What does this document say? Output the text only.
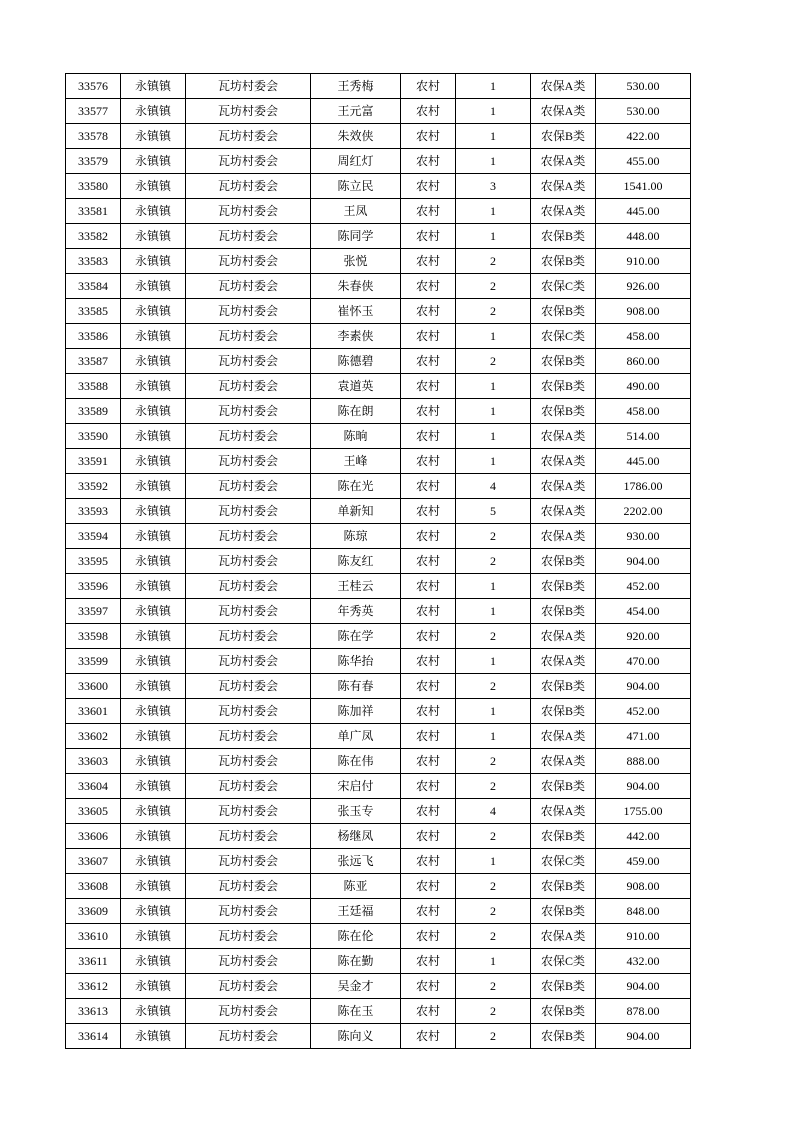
33576	永镇镇	瓦坊村委会	王秀梅	农村	1	农保A类	530.00
33577	永镇镇	瓦坊村委会	王元富	农村	1	农保A类	530.00
33578	永镇镇	瓦坊村委会	朱效侠	农村	1	农保B类	422.00
33579	永镇镇	瓦坊村委会	周红灯	农村	1	农保A类	455.00
33580	永镇镇	瓦坊村委会	陈立民	农村	3	农保A类	1541.00
33581	永镇镇	瓦坊村委会	王凤	农村	1	农保A类	445.00
33582	永镇镇	瓦坊村委会	陈同学	农村	1	农保B类	448.00
33583	永镇镇	瓦坊村委会	张悦	农村	2	农保B类	910.00
33584	永镇镇	瓦坊村委会	朱春侠	农村	2	农保C类	926.00
33585	永镇镇	瓦坊村委会	崔怀玉	农村	2	农保B类	908.00
33586	永镇镇	瓦坊村委会	李素侠	农村	1	农保C类	458.00
33587	永镇镇	瓦坊村委会	陈德碧	农村	2	农保B类	860.00
33588	永镇镇	瓦坊村委会	袁道英	农村	1	农保B类	490.00
33589	永镇镇	瓦坊村委会	陈在朗	农村	1	农保B类	458.00
33590	永镇镇	瓦坊村委会	陈晌	农村	1	农保A类	514.00
33591	永镇镇	瓦坊村委会	王峰	农村	1	农保A类	445.00
33592	永镇镇	瓦坊村委会	陈在光	农村	4	农保A类	1786.00
33593	永镇镇	瓦坊村委会	单新知	农村	5	农保A类	2202.00
33594	永镇镇	瓦坊村委会	陈琼	农村	2	农保A类	930.00
33595	永镇镇	瓦坊村委会	陈友红	农村	2	农保B类	904.00
33596	永镇镇	瓦坊村委会	王桂云	农村	1	农保B类	452.00
33597	永镇镇	瓦坊村委会	年秀英	农村	1	农保B类	454.00
33598	永镇镇	瓦坊村委会	陈在学	农村	2	农保A类	920.00
33599	永镇镇	瓦坊村委会	陈华抬	农村	1	农保A类	470.00
33600	永镇镇	瓦坊村委会	陈有春	农村	2	农保B类	904.00
33601	永镇镇	瓦坊村委会	陈加祥	农村	1	农保B类	452.00
33602	永镇镇	瓦坊村委会	单广凤	农村	1	农保A类	471.00
33603	永镇镇	瓦坊村委会	陈在伟	农村	2	农保A类	888.00
33604	永镇镇	瓦坊村委会	宋启付	农村	2	农保B类	904.00
33605	永镇镇	瓦坊村委会	张玉专	农村	4	农保A类	1755.00
33606	永镇镇	瓦坊村委会	杨继凤	农村	2	农保B类	442.00
33607	永镇镇	瓦坊村委会	张远飞	农村	1	农保C类	459.00
33608	永镇镇	瓦坊村委会	陈亚	农村	2	农保B类	908.00
33609	永镇镇	瓦坊村委会	王廷福	农村	2	农保B类	848.00
33610	永镇镇	瓦坊村委会	陈在伦	农村	2	农保A类	910.00
33611	永镇镇	瓦坊村委会	陈在勤	农村	1	农保C类	432.00
33612	永镇镇	瓦坊村委会	吴金才	农村	2	农保B类	904.00
33613	永镇镇	瓦坊村委会	陈在玉	农村	2	农保B类	878.00
33614	永镇镇	瓦坊村委会	陈向义	农村	2	农保B类	904.00
